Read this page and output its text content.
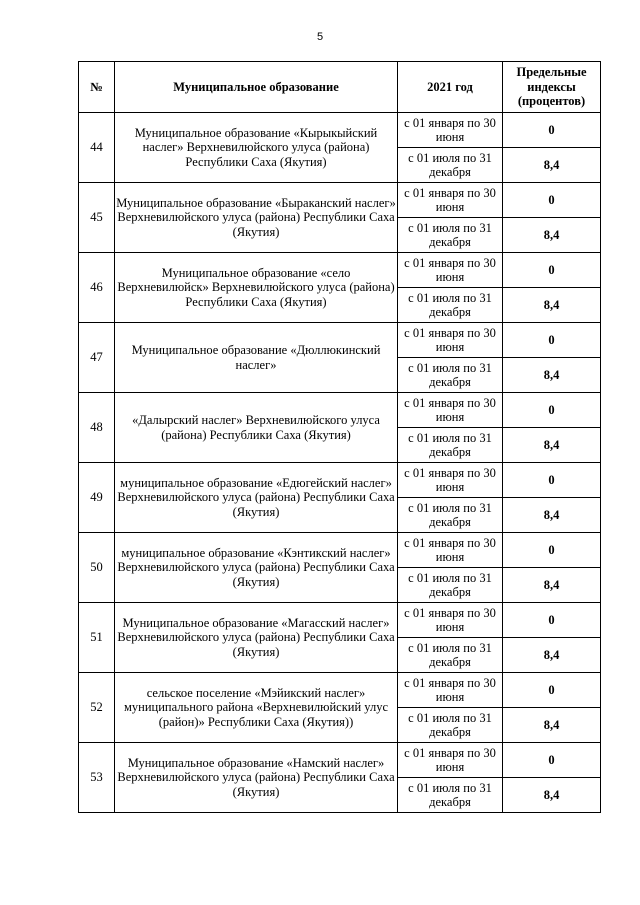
5
№	Муниципальное образование	2021 год	Предельные индексы (процентов)
44	Муниципальное образование «Кырыкыйский наслег» Верхневилюйского улуса (района) Республики Саха (Якутия)	с 01 января по 30 июня	0
		с 01 июля по 31 декабря	8,4
45	Муниципальное образование «Быраканский наслег» Верхневилюйского улуса (района) Республики Саха (Якутия)	с 01 января по 30 июня	0
		с 01 июля по 31 декабря	8,4
46	Муниципальное образование «село Верхневилюйск» Верхневилюйского улуса (района) Республики Саха (Якутия)	с 01 января по 30 июня	0
		с 01 июля по 31 декабря	8,4
47	Муниципальное образование «Дюллюкинский наслег»	с 01 января по 30 июня	0
		с 01 июля по 31 декабря	8,4
48	«Далырский наслег» Верхневилюйского улуса (района) Республики Саха (Якутия)	с 01 января по 30 июня	0
		с 01 июля по 31 декабря	8,4
49	муниципальное образование «Едюгейский наслег» Верхневилюйского улуса (района) Республики Саха (Якутия)	с 01 января по 30 июня	0
		с 01 июля по 31 декабря	8,4
50	муниципальное образование «Кэнтикский наслег» Верхневилюйского улуса (района) Республики Саха (Якутия)	с 01 января по 30 июня	0
		с 01 июля по 31 декабря	8,4
51	Муниципальное образование «Магасский наслег» Верхневилюйского улуса (района) Республики Саха (Якутия)	с 01 января по 30 июня	0
		с 01 июля по 31 декабря	8,4
52	сельское поселение «Мэйикский наслег» муниципального района «Верхневилюйский улус (район)» Республики Саха (Якутия))	с 01 января по 30 июня	0
		с 01 июля по 31 декабря	8,4
53	Муниципальное образование «Намский наслег» Верхневилюйского улуса (района) Республики Саха (Якутия)	с 01 января по 30 июня	0
		с 01 июля по 31 декабря	8,4
